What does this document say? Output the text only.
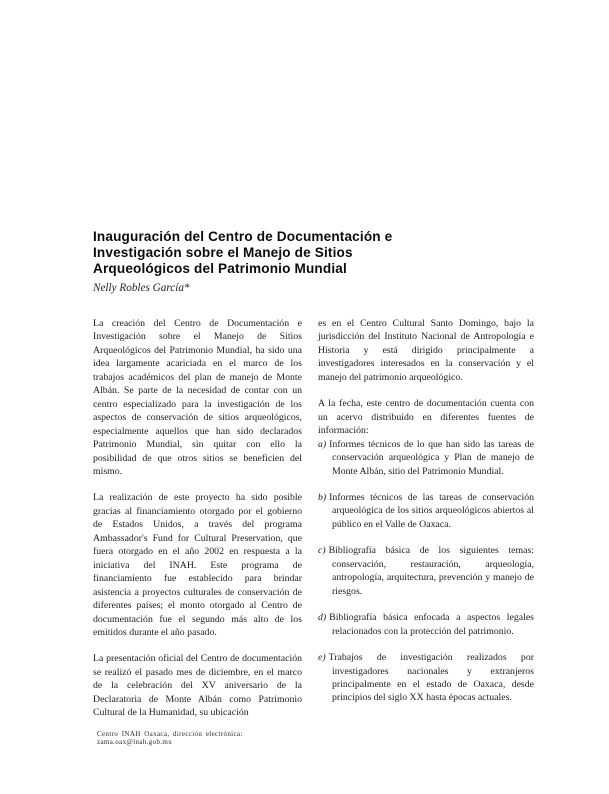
Inauguración del Centro de Documentación e
Investigación sobre el Manejo de Sitios
Arqueológicos del Patrimonio Mundial
Nelly Robles García*

La creación del Centro de Documentación e Investigación sobre el Manejo de Sitios Arqueológicos del Patrimonio Mundial, ha sido una idea largamente acariciada en el marco de los trabajos académicos del plan de manejo de Monte Albán. Se parte de la necesidad de contar con un centro especializado para la investigación de los aspectos de conservación de sitios arqueológicos, especialmente aquellos que han sido declarados Patrimonio Mundial, sin quitar con ello la posibilidad de que otros sitios se beneficien del mismo.

La realización de este proyecto ha sido posible gracias al financiamiento otorgado por el gobierno de Estados Unidos, a través del programa Ambassador's Fund for Cultural Preservation, que fuera otorgado en el año 2002 en respuesta a la iniciativa del INAH. Este programa de financiamiento fue establecido para brindar asistencia a proyectos culturales de conservación de diferentes países; el monto otorgado al Centro de documentación fue el segundo más alto de los emitidos durante el año pasado.

La presentación oficial del Centro de documentación se realizó el pasado mes de diciembre, en el marco de la celebración del XV aniversario de la Declaratoria de Monte Albán como Patrimonio Cultural de la Humanidad, su ubicación

Centro INAH Oaxaca, dirección electrónica: zama.oax@inah.gob.mx

es en el Centro Cultural Santo Domingo, bajo la jurisdicción del Instituto Nacional de Antropología e Historia y está dirigido principalmente a investigadores interesados en la conservación y el manejo del patrimonio arqueológico.

A la fecha, este centro de documentación cuenta con un acervo distribuido en diferentes fuentes de información:

a) Informes técnicos de lo que han sido las tareas de conservación arqueológica y Plan de manejo de Monte Albán, sitio del Patrimonio Mundial.
b) Informes técnicos de las tareas de conservación arqueológica de los sitios arqueológicos abiertos al público en el Valle de Oaxaca.
c) Bibliografía básica de los siguientes temas: conservación, restauración, arqueología, antropología, arquitectura, prevención y manejo de riesgos.
d) Bibliografía básica enfocada a aspectos legales relacionados con la protección del patrimonio.
e) Trabajos de investigación realizados por investigadores nacionales y extranjeros principalmente en el estado de Oaxaca, desde principios del siglo XX hasta épocas actuales.
